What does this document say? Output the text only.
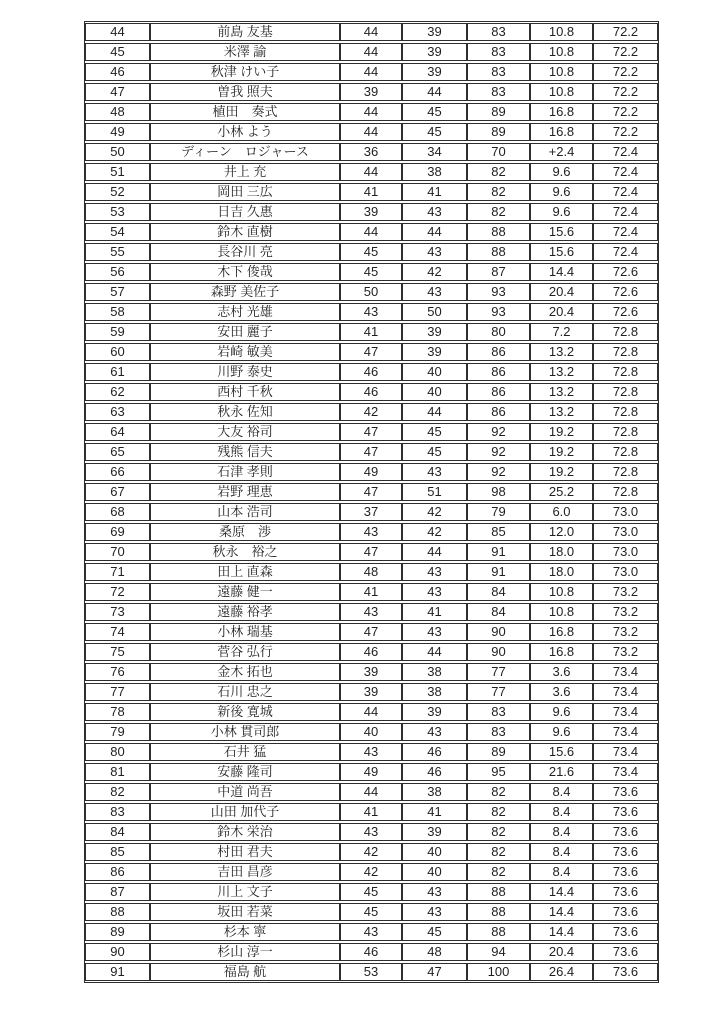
44	前島 友基	44	39	83	10.8	72.2
45	米澤 諭	44	39	83	10.8	72.2
46	秋津 けい子	44	39	83	10.8	72.2
47	曽我 照夫	39	44	83	10.8	72.2
48	植田　奏式	44	45	89	16.8	72.2
49	小林 よう	44	45	89	16.8	72.2
50	ディーン　ロジャース	36	34	70	+2.4	72.4
51	井上 充	44	38	82	9.6	72.4
52	岡田 三広	41	41	82	9.6	72.4
53	日吉 久惠	39	43	82	9.6	72.4
54	鈴木 直樹	44	44	88	15.6	72.4
55	長谷川 亮	45	43	88	15.6	72.4
56	木下 俊哉	45	42	87	14.4	72.6
57	森野 美佐子	50	43	93	20.4	72.6
58	志村 光雄	43	50	93	20.4	72.6
59	安田 麗子	41	39	80	7.2	72.8
60	岩崎 敏美	47	39	86	13.2	72.8
61	川野 泰史	46	40	86	13.2	72.8
62	西村 千秋	46	40	86	13.2	72.8
63	秋永 佐知	42	44	86	13.2	72.8
64	大友 裕司	47	45	92	19.2	72.8
65	残熊 信夫	47	45	92	19.2	72.8
66	石津 孝則	49	43	92	19.2	72.8
67	岩野 理恵	47	51	98	25.2	72.8
68	山本 浩司	37	42	79	6.0	73.0
69	桑原　渉	43	42	85	12.0	73.0
70	秋永　裕之	47	44	91	18.0	73.0
71	田上 直森	48	43	91	18.0	73.0
72	遠藤 健一	41	43	84	10.8	73.2
73	遠藤 裕孝	43	41	84	10.8	73.2
74	小林 瑞基	47	43	90	16.8	73.2
75	菅谷 弘行	46	44	90	16.8	73.2
76	金木 拓也	39	38	77	3.6	73.4
77	石川 忠之	39	38	77	3.6	73.4
78	新後 寛城	44	39	83	9.6	73.4
79	小林 貫司郎	40	43	83	9.6	73.4
80	石井 猛	43	46	89	15.6	73.4
81	安藤 隆司	49	46	95	21.6	73.4
82	中道 尚吾	44	38	82	8.4	73.6
83	山田 加代子	41	41	82	8.4	73.6
84	鈴木 栄治	43	39	82	8.4	73.6
85	村田 君夫	42	40	82	8.4	73.6
86	吉田 昌彦	42	40	82	8.4	73.6
87	川上 文子	45	43	88	14.4	73.6
88	坂田 若菜	45	43	88	14.4	73.6
89	杉本 寧	43	45	88	14.4	73.6
90	杉山 淳一	46	48	94	20.4	73.6
91	福島 航	53	47	100	26.4	73.6
